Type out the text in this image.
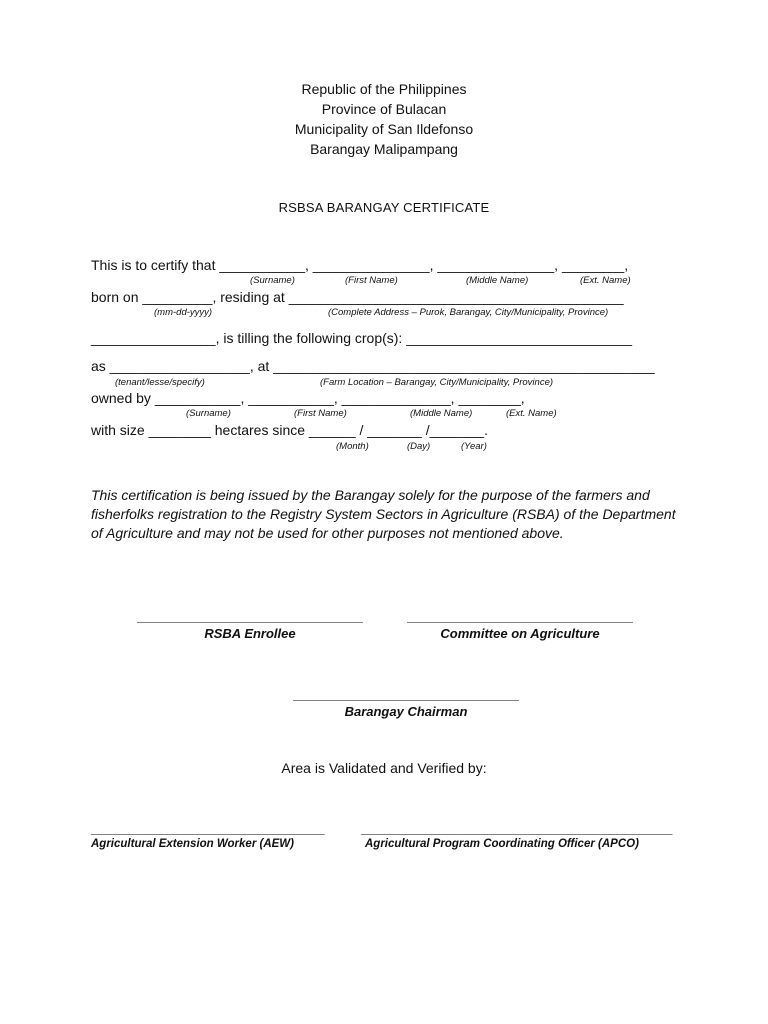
Republic of the Philippines
Province of Bulacan
Municipality of San Ildefonso
Barangay Malipampang
RSBSA BARANGAY CERTIFICATE
This is to certify that ___________, _______________, _______________, ________,
(Surname)	(First Name)	(Middle Name)	(Ext. Name)
born on _________, residing at ___________________________________________
(mm-dd-yyyy)	(Complete Address – Purok, Barangay, City/Municipality, Province)
________________, is tilling the following crop(s): _____________________________
as __________________, at _________________________________________________
(tenant/lesse/specify)	(Farm Location – Barangay, City/Municipality, Province)
owned by ___________, ___________, ______________, ________,
(Surname)	(First Name)	(Middle Name)	(Ext. Name)
with size ________ hectares since ______ / _______ /_______.
(Month)	(Day)	(Year)
This certification is being issued by the Barangay solely for the purpose of the farmers and fisherfolks registration to the Registry System Sectors in Agriculture (RSBA) of the Department of Agriculture and may not be used for other purposes not mentioned above.
_____________________________
RSBA Enrollee
_____________________________
Committee on Agriculture
_____________________________
Barangay Chairman
Area is Validated and Verified by:
______________________________
Agricultural Extension Worker (AEW)
________________________________________
Agricultural Program Coordinating Officer (APCO)
